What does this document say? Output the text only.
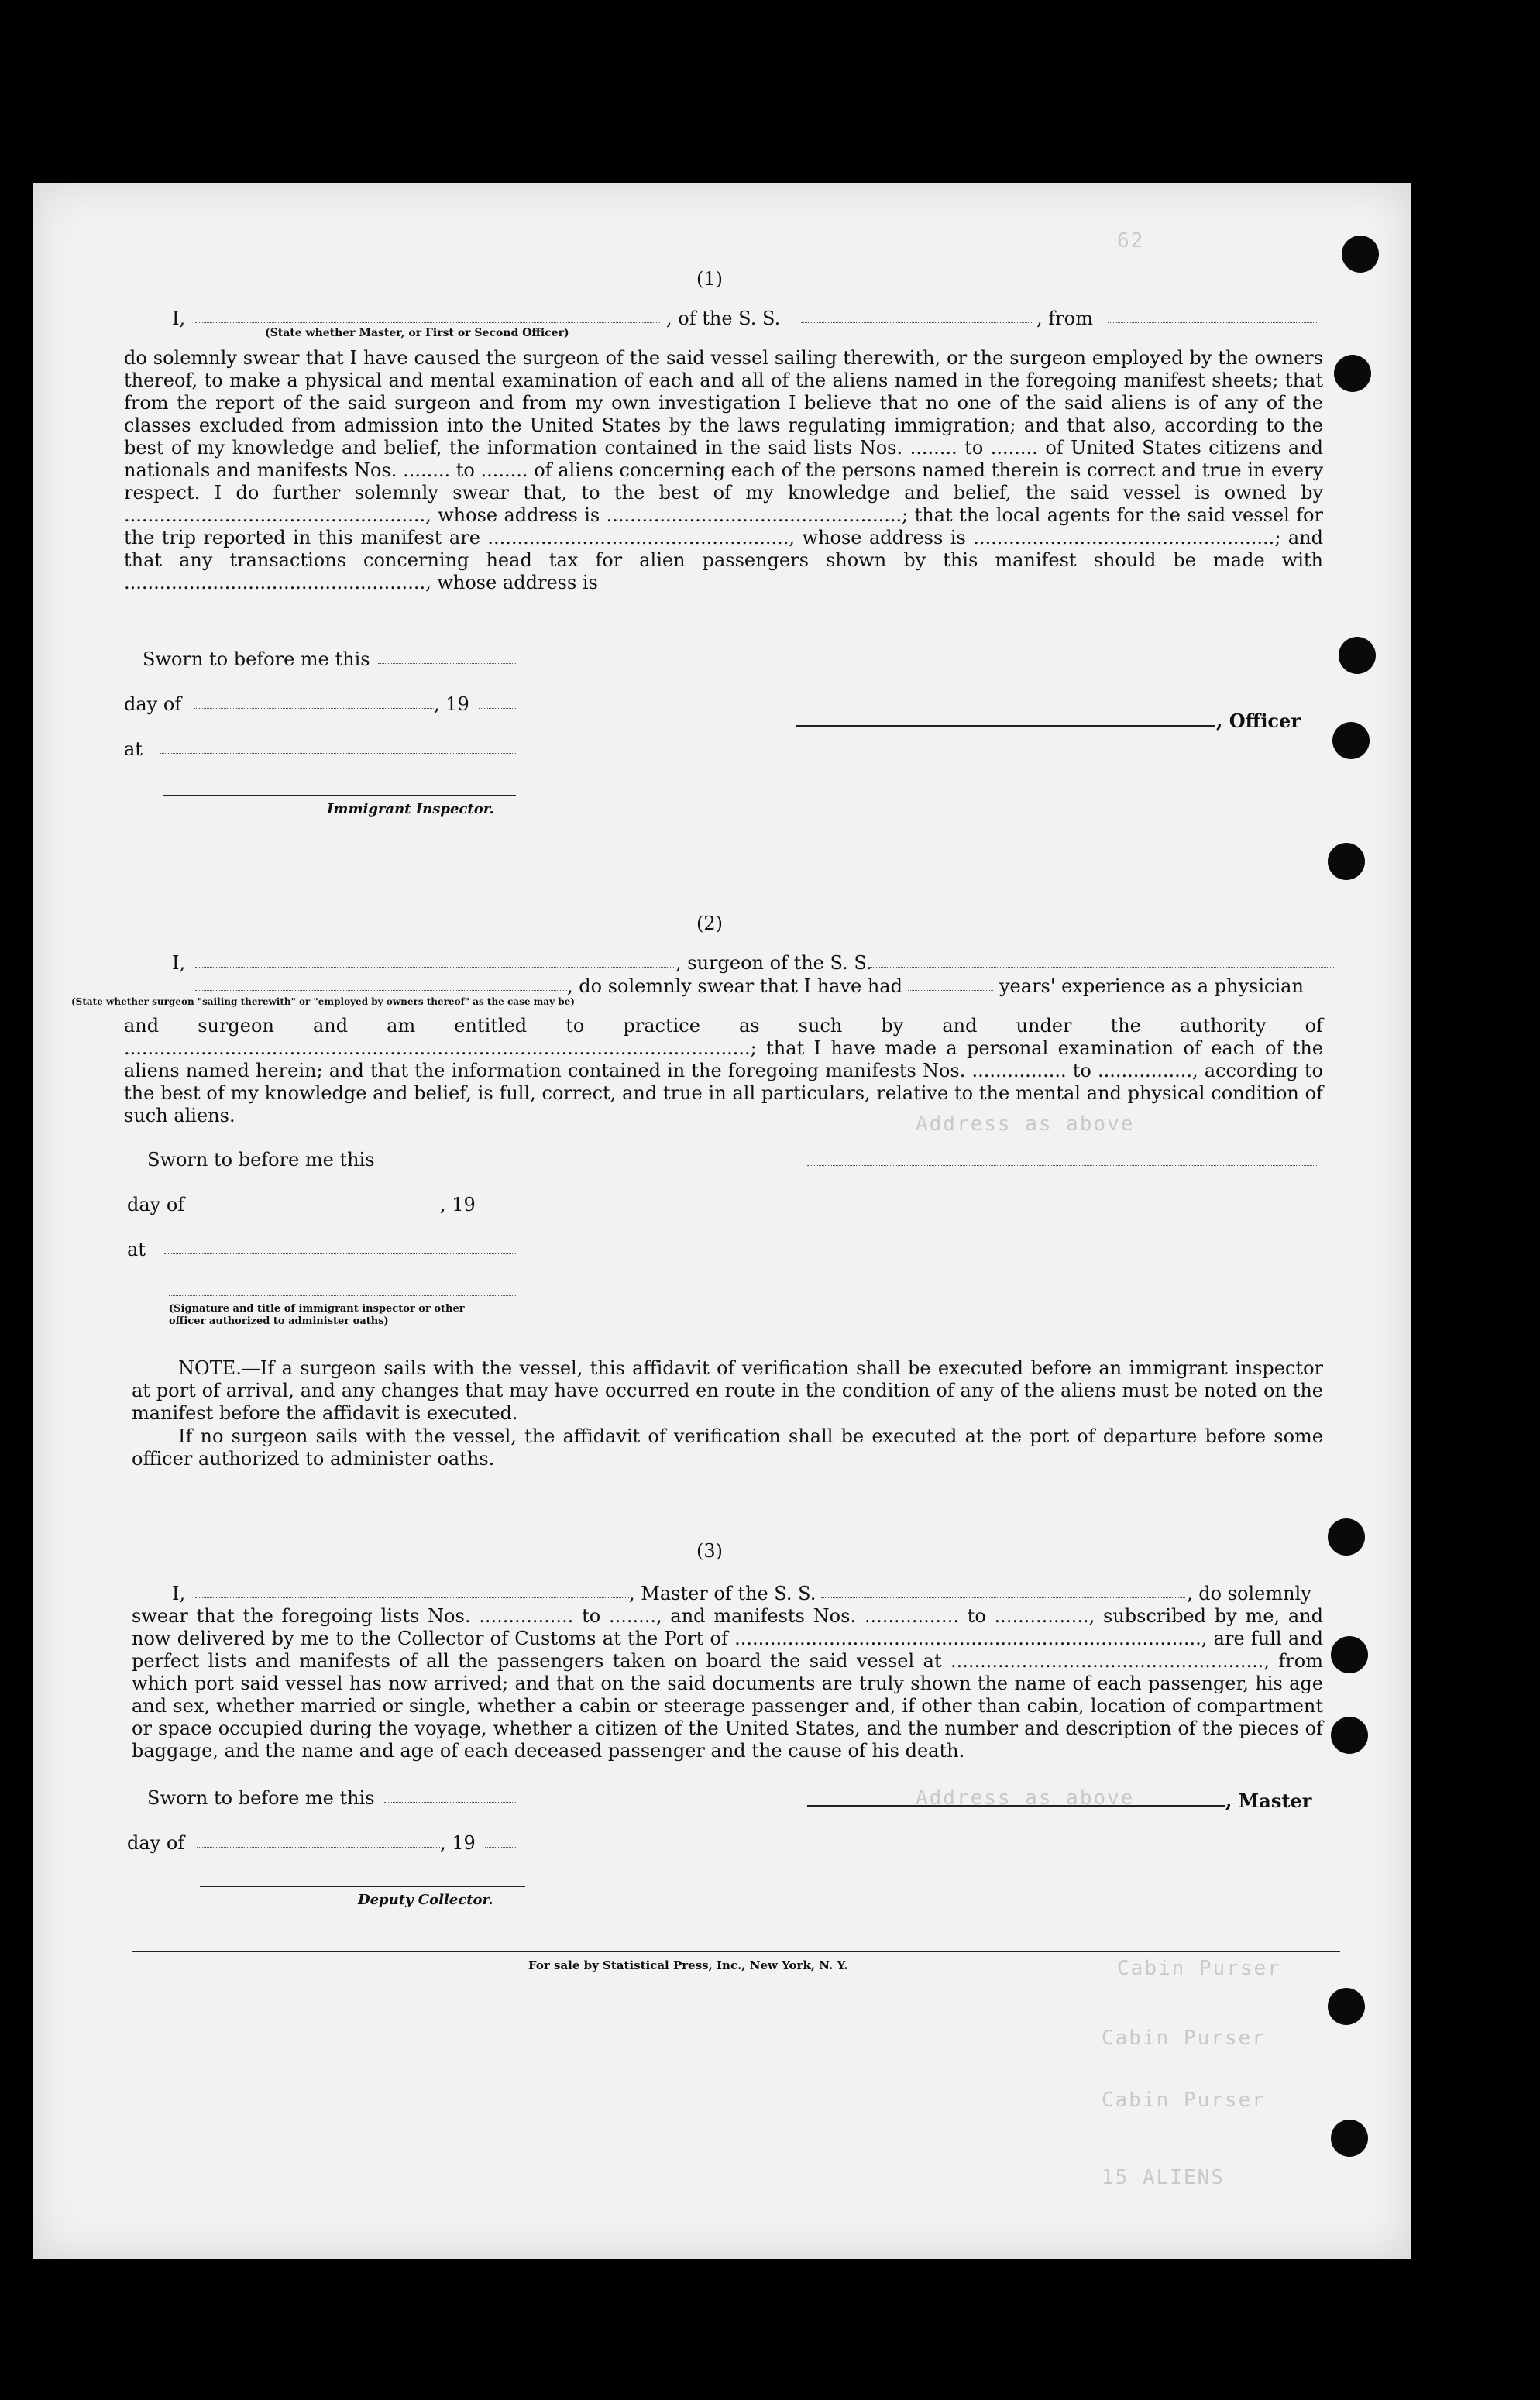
62
Cabin Purser
Cabin Purser
Cabin Purser
15 ALIENS
Address as above
Address as above
(1)
I,
(State whether Master, or First or Second Officer)
, of the S. S.	, from
do solemnly swear that I have caused the surgeon of the said vessel sailing therewith, or the surgeon employed by the owners thereof, to make a physical and mental examination of each and all of the aliens named in the foregoing manifest sheets; that from the report of the said surgeon and from my own investigation I believe that no one of the said aliens is of any of the classes excluded from admission into the United States by the laws regulating immigration; and that also, according to the best of my knowledge and belief, the information contained in the said lists Nos. ........ to ........ of United States citizens and nationals and manifests Nos. ........ to ........ of aliens concerning each of the persons named therein is correct and true in every respect. I do further solemnly swear that, to the best of my knowledge and belief, the said vessel is owned by ..................................................., whose address is ..................................................; that the local agents for the said vessel for the trip reported in this manifest are ..................................................., whose address is ...................................................; and that any transactions concerning head tax for alien passengers shown by this manifest should be made with ..................................................., whose address is
Sworn to before me this
day of	, 19
at
Immigrant Inspector.
, Officer
(2)
I,	, surgeon of the S. S.
, do solemnly swear that I have had	years' experience as a physician
(State whether surgeon "sailing therewith" or "employed by owners thereof" as the case may be)
and surgeon and am entitled to practice as such by and under the authority of ..........................................................................................................; that I have made a personal examination of each of the aliens named herein; and that the information contained in the foregoing manifests Nos. ................ to ................, according to the best of my knowledge and belief, is full, correct, and true in all particulars, relative to the mental and physical condition of such aliens.
Sworn to before me this
day of	, 19
at
(Signature and title of immigrant inspector or other officer authorized to administer oaths)
NOTE.—If a surgeon sails with the vessel, this affidavit of verification shall be executed before an immigrant inspector at port of arrival, and any changes that may have occurred en route in the condition of any of the aliens must be noted on the manifest before the affidavit is executed.
If no surgeon sails with the vessel, the affidavit of verification shall be executed at the port of departure before some officer authorized to administer oaths.
(3)
I,	, Master of the S. S.	, do solemnly
swear that the foregoing lists Nos. ................ to ........, and manifests Nos. ................ to ................, subscribed by me, and now delivered by me to the Collector of Customs at the Port of ..............................................................................., are full and perfect lists and manifests of all the passengers taken on board the said vessel at ....................................................., from which port said vessel has now arrived; and that on the said documents are truly shown the name of each passenger, his age and sex, whether married or single, whether a cabin or steerage passenger and, if other than cabin, location of compartment or space occupied during the voyage, whether a citizen of the United States, and the number and description of the pieces of baggage, and the name and age of each deceased passenger and the cause of his death.
Sworn to before me this
day of	, 19
Deputy Collector.
, Master
For sale by Statistical Press, Inc., New York, N. Y.
